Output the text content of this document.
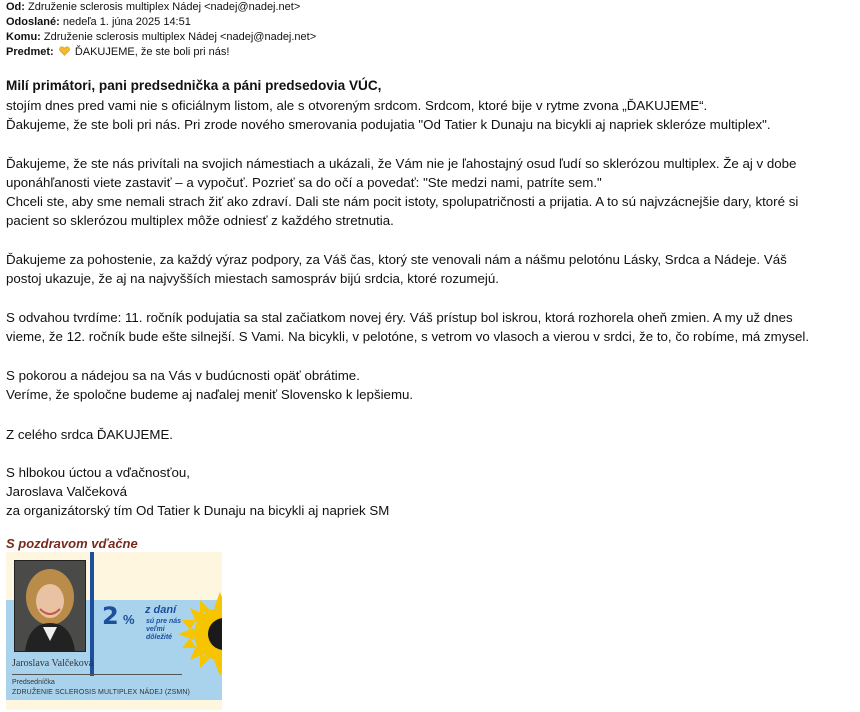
Od: Združenie sclerosis multiplex Nádej <nadej@nadej.net>
Odoslané: nedeľa 1. júna 2025 14:51
Komu: Združenie sclerosis multiplex Nádej <nadej@nadej.net>
Predmet: ĎAKUJEME, že ste boli pri nás!
Milí primátori, pani predsednička a páni predsedovia VÚC,
stojím dnes pred vami nie s oficiálnym listom, ale s otvoreným srdcom. Srdcom, ktoré bije v rytme zvona „ĎAKUJEME“.
Ďakujeme, že ste boli pri nás. Pri zrode nového smerovania podujatia "Od Tatier k Dunaju na bicykli aj napriek skleróze multiplex".
Ďakujeme, že ste nás privítali na svojich námestiach a ukázali, že Vám nie je ľahostajný osud ľudí so sklerózou multiplex. Že aj v dobe
uponáhľanosti viete zastaviť – a vypočuť. Pozrieť sa do očí a povedať: "Ste medzi nami, patríte sem."
Chceli ste, aby sme nemali strach žiť ako zdraví. Dali ste nám pocit istoty, spolupatričnosti a prijatia. A to sú najvzácnejšie dary, ktoré si
pacient so sklerózou multiplex môže odniesť z každého stretnutia.
Ďakujeme za pohostenie, za každý výraz podpory, za Váš čas, ktorý ste venovali nám a nášmu pelotónu Lásky, Srdca a Nádeje. Váš
postoj ukazuje, že aj na najvyšších miestach samospráv bijú srdcia, ktoré rozumejú.
S odvahou tvrdíme: 11. ročník podujatia sa stal začiatkom novej éry. Váš prístup bol iskrou, ktorá rozhorela oheň zmien. A my už dnes
vieme, že 12. ročník bude ešte silnejší. S Vami. Na bicykli, v pelotóne, s vetrom vo vlasoch a vierou v srdci, že to, čo robíme, má zmysel.
S pokorou a nádejou sa na Vás v budúcnosti opäť obrátime.
Veríme, že spoločne budeme aj naďalej meniť Slovensko k lepšiemu.
Z celého srdca ĎAKUJEME.
S hlbokou úctou a vďačnosťou,
Jaroslava Valčeková
za organizátorský tím Od Tatier k Dunaju na bicykli aj napriek SM
S pozdravom vďačne
2 %
z daní
sú pre nás
veľmi
dôležité
Jaroslava Valčeková
Predsedníčka
ZDRUŽENIE SCLEROSIS MULTIPLEX NÁDEJ (ZSMN)
